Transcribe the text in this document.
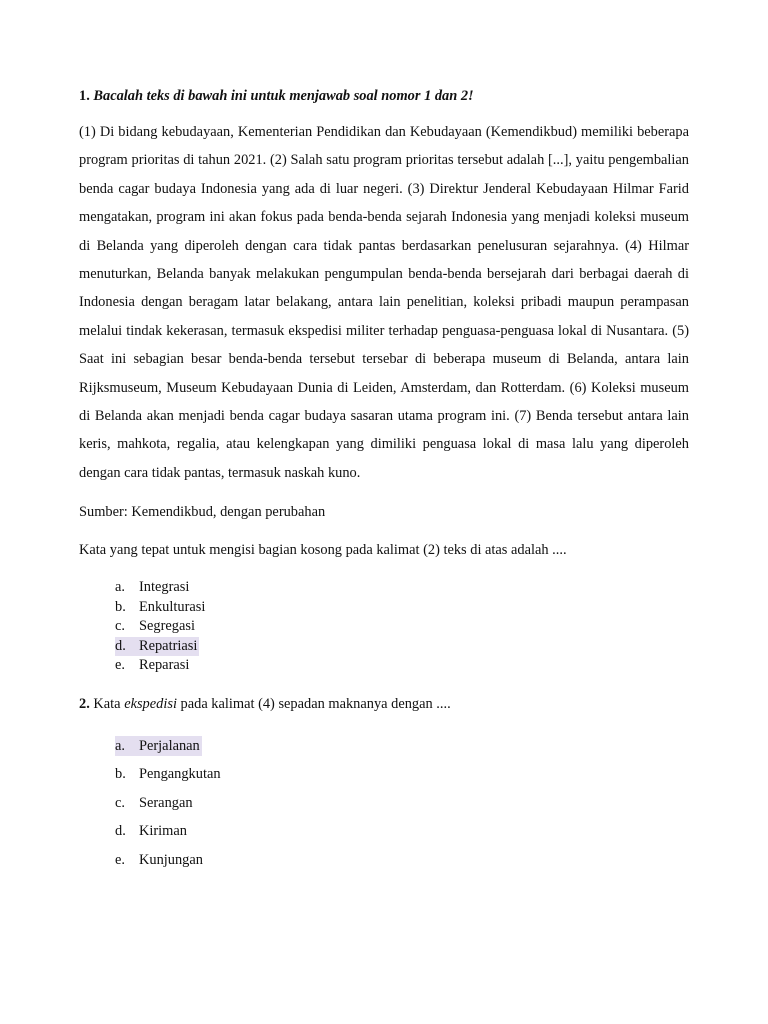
1. Bacalah teks di bawah ini untuk menjawab soal nomor 1 dan 2!

(1) Di bidang kebudayaan, Kementerian Pendidikan dan Kebudayaan (Kemendikbud) memiliki beberapa program prioritas di tahun 2021. (2) Salah satu program prioritas tersebut adalah [...], yaitu pengembalian benda cagar budaya Indonesia yang ada di luar negeri. (3) Direktur Jenderal Kebudayaan Hilmar Farid mengatakan, program ini akan fokus pada benda-benda sejarah Indonesia yang menjadi koleksi museum di Belanda yang diperoleh dengan cara tidak pantas berdasarkan penelusuran sejarahnya. (4) Hilmar menuturkan, Belanda banyak melakukan pengumpulan benda-benda bersejarah dari berbagai daerah di Indonesia dengan beragam latar belakang, antara lain penelitian, koleksi pribadi maupun perampasan melalui tindak kekerasan, termasuk ekspedisi militer terhadap penguasa-penguasa lokal di Nusantara. (5) Saat ini sebagian besar benda-benda tersebut tersebar di beberapa museum di Belanda, antara lain Rijksmuseum, Museum Kebudayaan Dunia di Leiden, Amsterdam, dan Rotterdam. (6) Koleksi museum di Belanda akan menjadi benda cagar budaya sasaran utama program ini. (7) Benda tersebut antara lain keris, mahkota, regalia, atau kelengkapan yang dimiliki penguasa lokal di masa lalu yang diperoleh dengan cara tidak pantas, termasuk naskah kuno.

Sumber: Kemendikbud, dengan perubahan

Kata yang tepat untuk mengisi bagian kosong pada kalimat (2) teks di atas adalah ....

a. Integrasi
b. Enkulturasi
c. Segregasi
d. Repatriasi
e. Reparasi

2. Kata ekspedisi pada kalimat (4) sepadan maknanya dengan ....

a. Perjalanan
b. Pengangkutan
c. Serangan
d. Kiriman
e. Kunjungan
